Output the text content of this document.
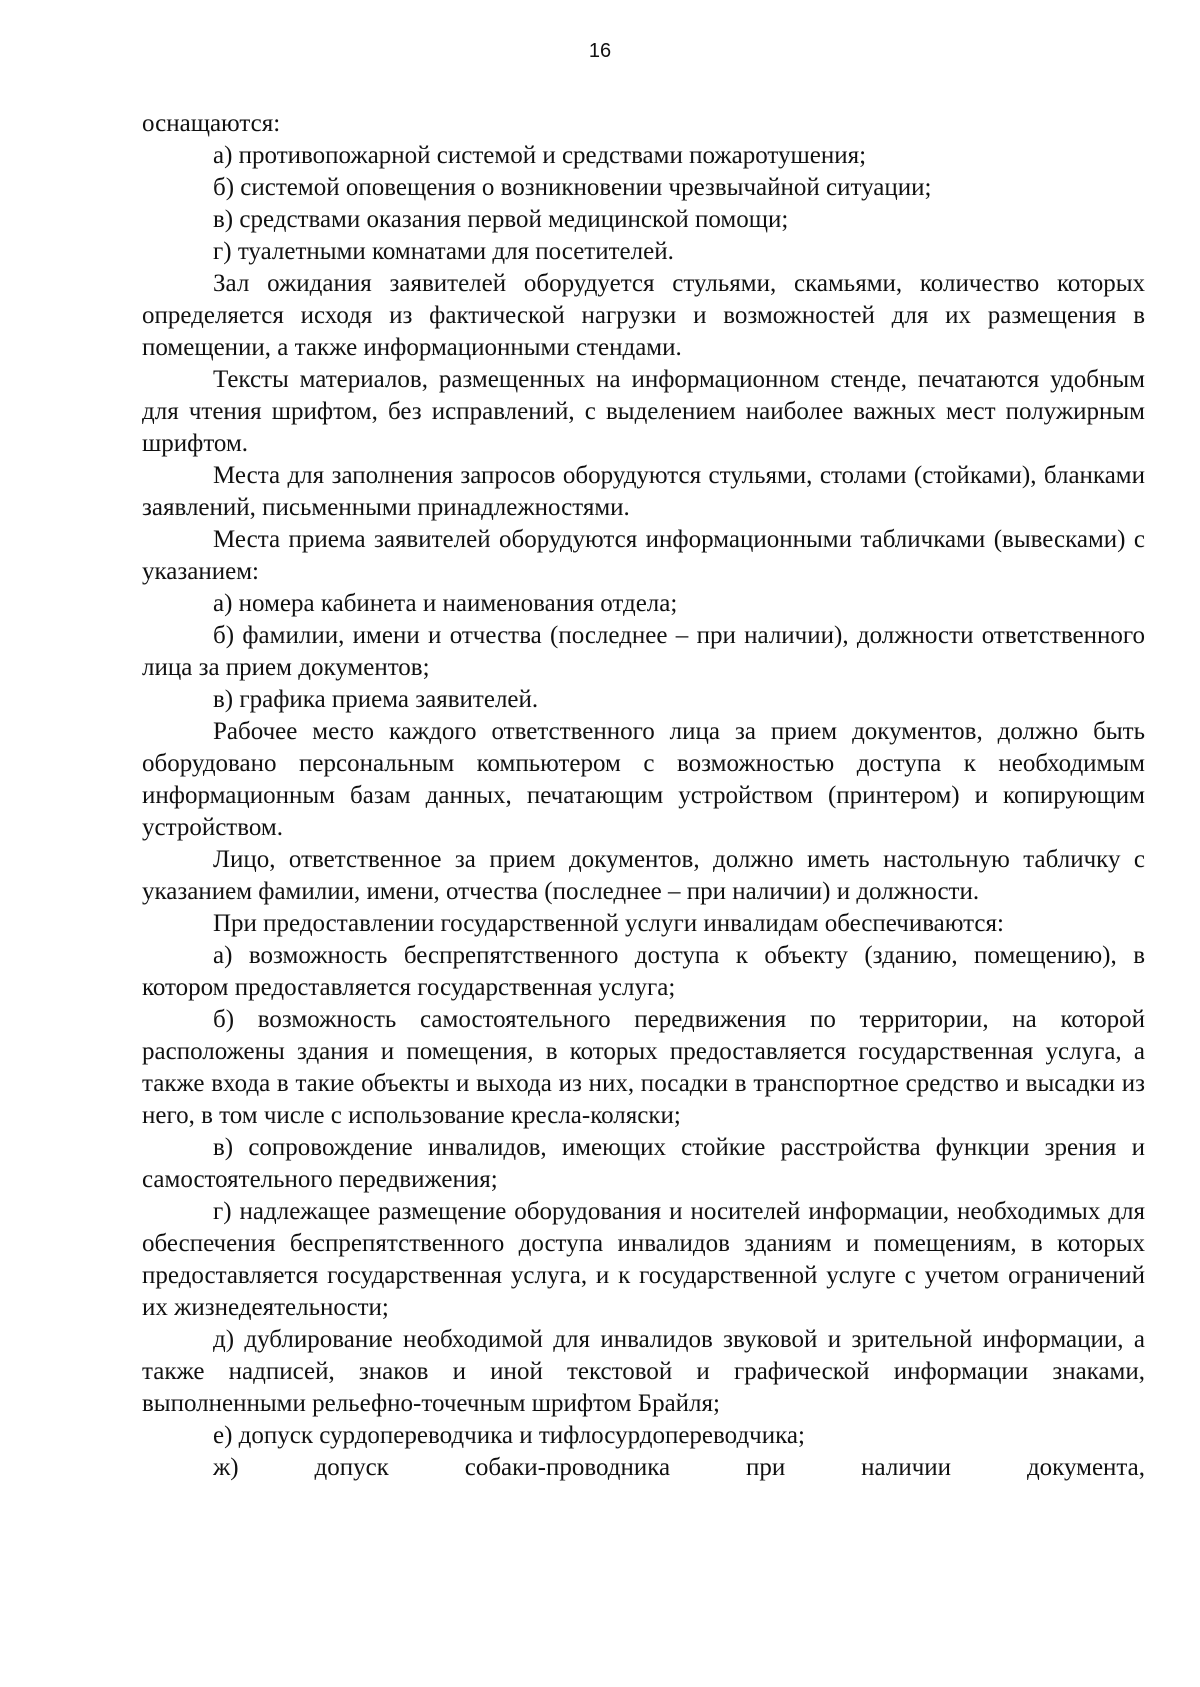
16

оснащаются:

а) противопожарной системой и средствами пожаротушения;

б) системой оповещения о возникновении чрезвычайной ситуации;

в) средствами оказания первой медицинской помощи;

г) туалетными комнатами для посетителей.

Зал ожидания заявителей оборудуется стульями, скамьями, количество которых определяется исходя из фактической нагрузки и возможностей для их размещения в помещении, а также информационными стендами.

Тексты материалов, размещенных на информационном стенде, печатаются удобным для чтения шрифтом, без исправлений, с выделением наиболее важных мест полужирным шрифтом.

Места для заполнения запросов оборудуются стульями, столами (стойками), бланками заявлений, письменными принадлежностями.

Места приема заявителей оборудуются информационными табличками (вывесками) с указанием:

а) номера кабинета и наименования отдела;

б) фамилии, имени и отчества (последнее – при наличии), должности ответственного лица за прием документов;

в) графика приема заявителей.

Рабочее место каждого ответственного лица за прием документов, должно быть оборудовано персональным компьютером с возможностью доступа к необходимым информационным базам данных, печатающим устройством (принтером) и копирующим устройством.

Лицо, ответственное за прием документов, должно иметь настольную табличку с указанием фамилии, имени, отчества (последнее – при наличии) и должности.

При предоставлении государственной услуги инвалидам обеспечиваются:

а) возможность беспрепятственного доступа к объекту (зданию, помещению), в котором предоставляется государственная услуга;

б) возможность самостоятельного передвижения по территории, на которой расположены здания и помещения, в которых предоставляется государственная услуга, а также входа в такие объекты и выхода из них, посадки в транспортное средство и высадки из него, в том числе с использование кресла-коляски;

в) сопровождение инвалидов, имеющих стойкие расстройства функции зрения и самостоятельного передвижения;

г) надлежащее размещение оборудования и носителей информации, необходимых для обеспечения беспрепятственного доступа инвалидов зданиям и помещениям, в которых предоставляется государственная услуга, и к государственной услуге с учетом ограничений их жизнедеятельности;

д) дублирование необходимой для инвалидов звуковой и зрительной информации, а также надписей, знаков и иной текстовой и графической информации знаками, выполненными рельефно-точечным шрифтом Брайля;

е) допуск сурдопереводчика и тифлосурдопереводчика;

ж) допуск собаки-проводника при наличии документа,
